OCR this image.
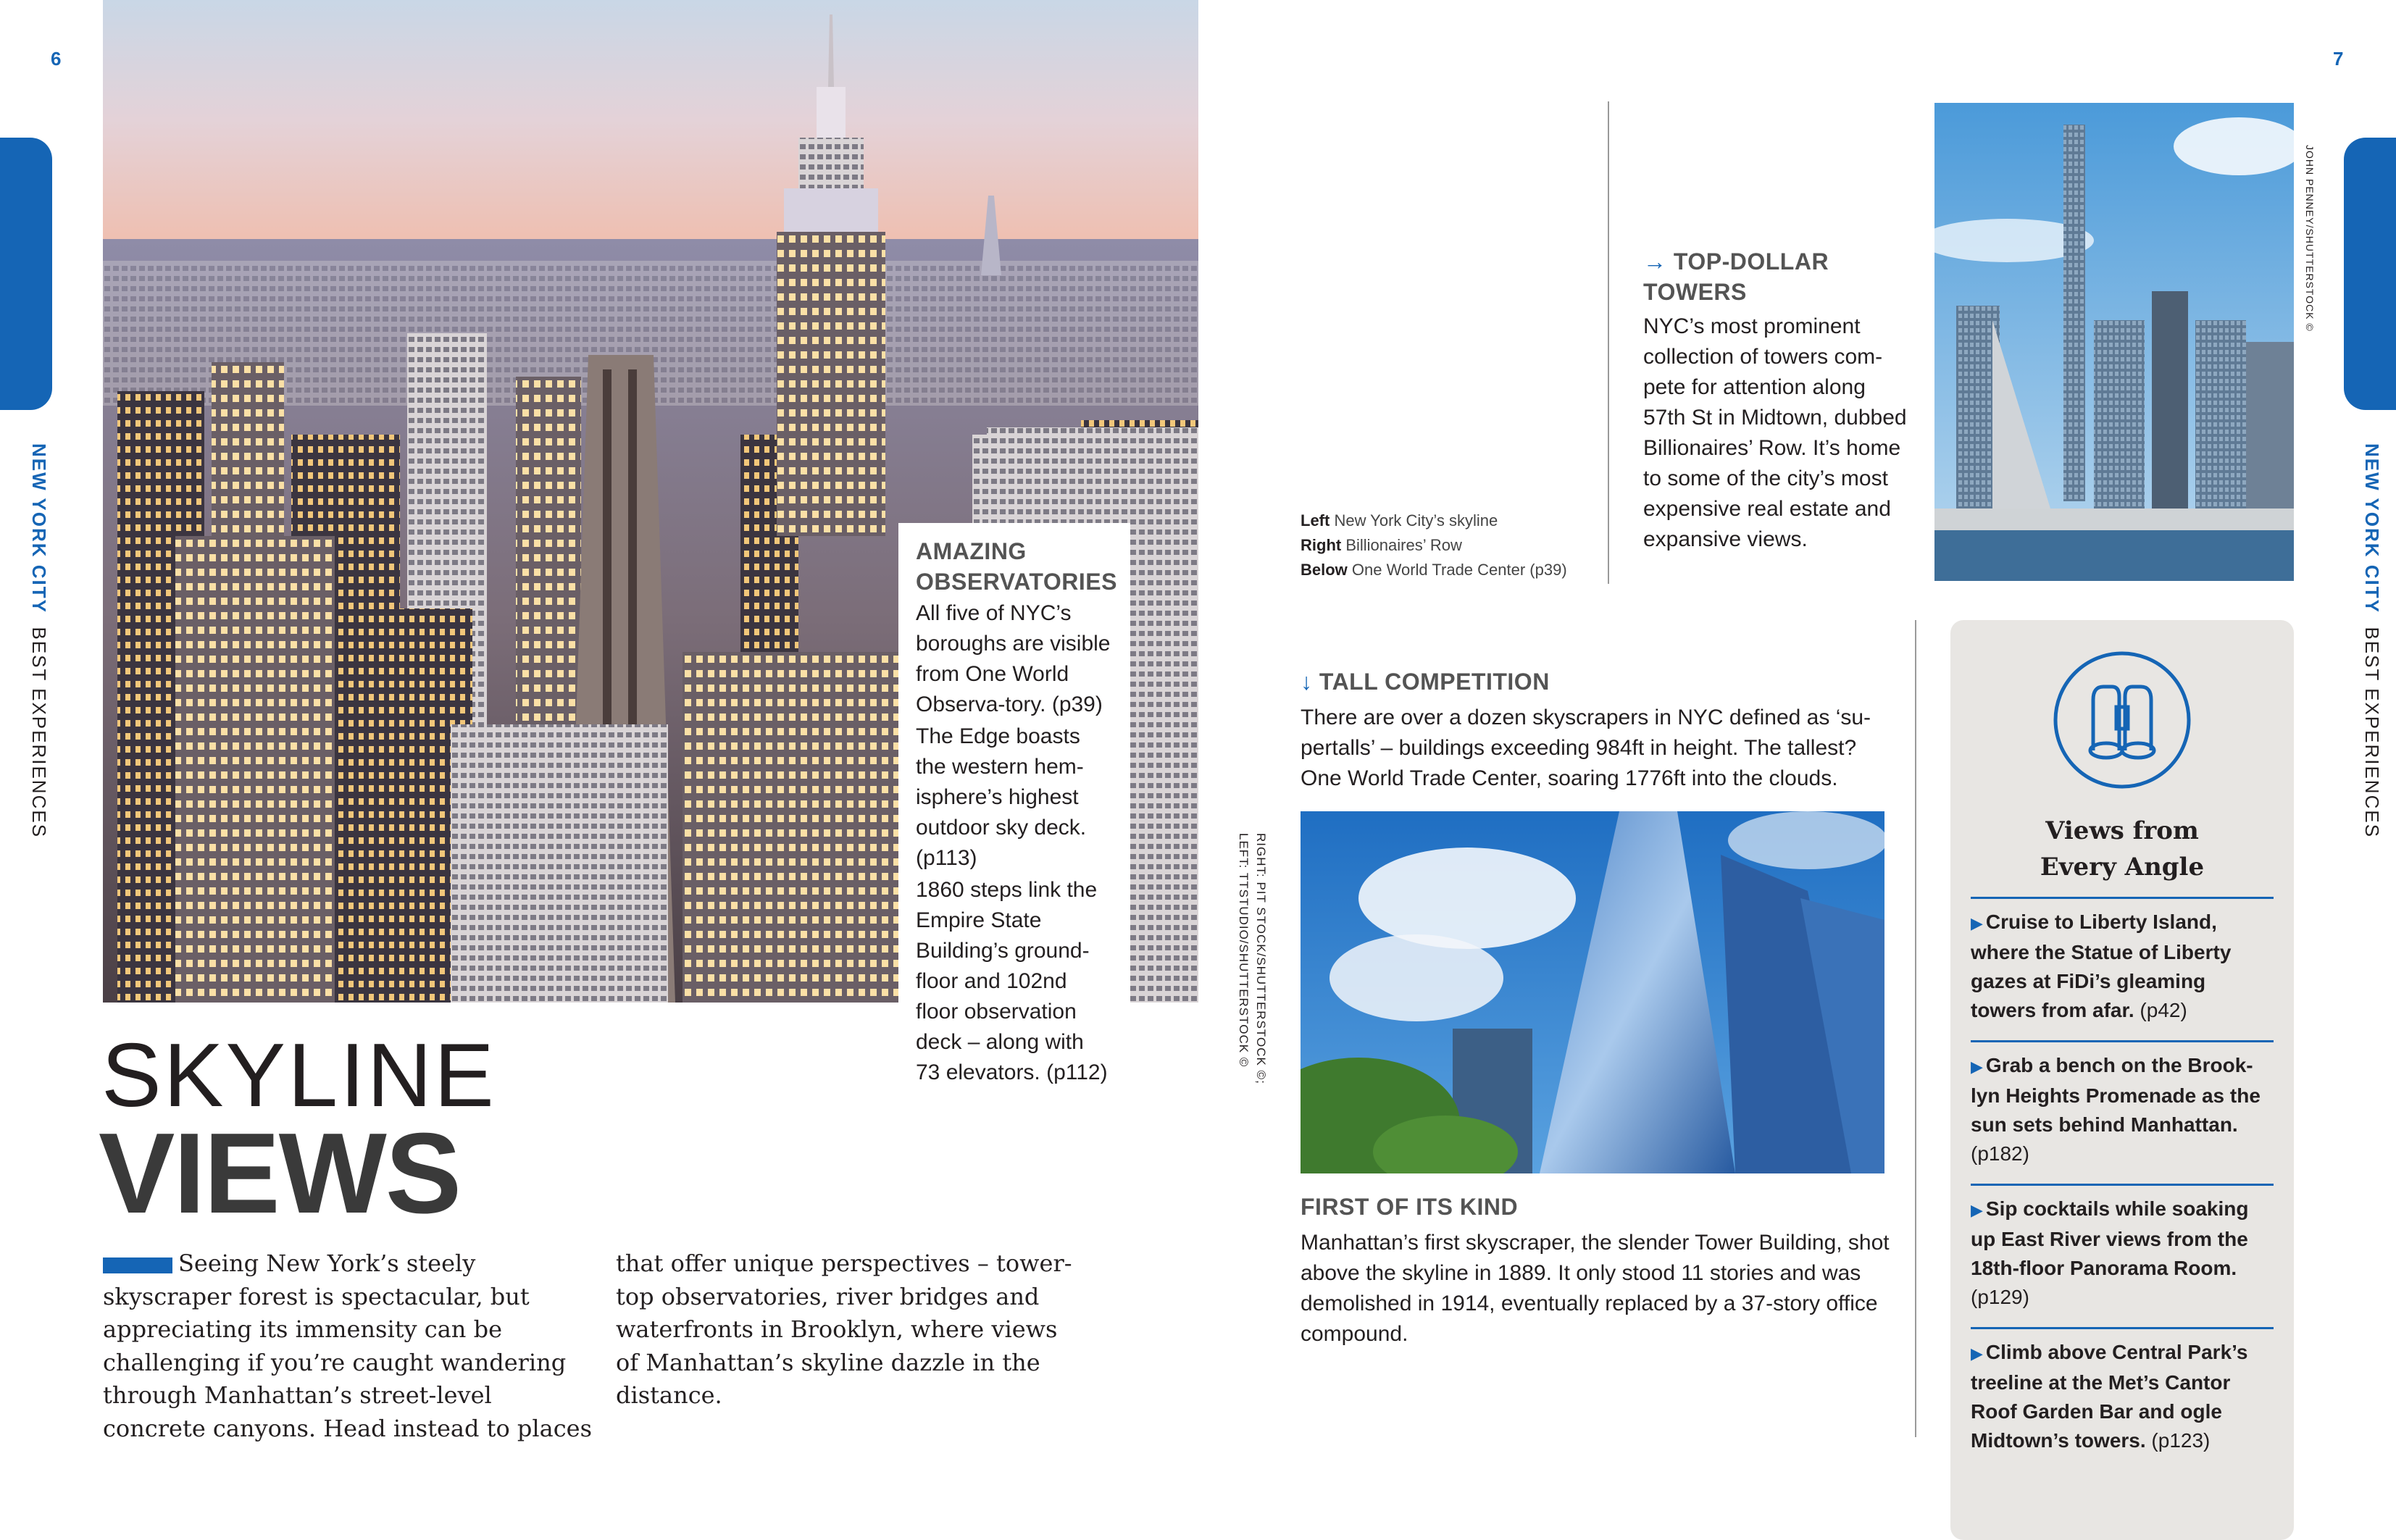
6
NEW YORK CITY  BEST EXPERIENCES
AMAZING
OBSERVATORIES

All five of NYC’s boroughs are visible from One World Observa-tory. (p39)

The Edge boasts the western hem-isphere’s highest outdoor sky deck. (p113)

1860 steps link the Empire State Building’s ground-floor and 102nd floor observation deck – along with 73 elevators. (p112)

SKYLINE
VIEWS
Seeing New York’s steely skyscraper forest is spectacular, but appreciating its immensity can be challenging if you’re caught wandering through Manhattan’s street-level concrete canyons. Head instead to places
that offer unique perspectives – tower-top observatories, river bridges and waterfronts in Brooklyn, where views of Manhattan’s skyline dazzle in the distance.
RIGHT: PIT STOCK/SHUTTERSTOCK ©;
LEFT: TTSTUDIO/SHUTTERSTOCK ©
7
NEW YORK CITY  BEST EXPERIENCES
Left New York City’s skyline
Right Billionaires’ Row
Below One World Trade Center (p39)
→ TOP-DOLLAR
TOWERS
NYC’s most prominent collection of towers com-pete for attention along 57th St in Midtown, dubbed Billionaires’ Row. It’s home to some of the city’s most expensive real estate and expansive views.
JOHN PENNEY/SHUTTERSTOCK ©
↓ TALL COMPETITION
There are over a dozen skyscrapers in NYC defined as ‘su-pertalls’ – buildings exceeding 984ft in height. The tallest? One World Trade Center, soaring 1776ft into the clouds.
FIRST OF ITS KIND
Manhattan’s first skyscraper, the slender Tower Building, shot above the skyline in 1889. It only stood 11 stories and was demolished in 1914, eventually replaced by a 37-story office compound.
Views from
Every Angle
▶ Cruise to Liberty Island, where the Statue of Liberty gazes at FiDi’s gleaming towers from afar. (p42)
▶ Grab a bench on the Brook-lyn Heights Promenade as the sun sets behind Manhattan. (p182)
▶ Sip cocktails while soaking up East River views from the 18th-floor Panorama Room. (p129)
▶ Climb above Central Park’s treeline at the Met’s Cantor Roof Garden Bar and ogle Midtown’s towers. (p123)
